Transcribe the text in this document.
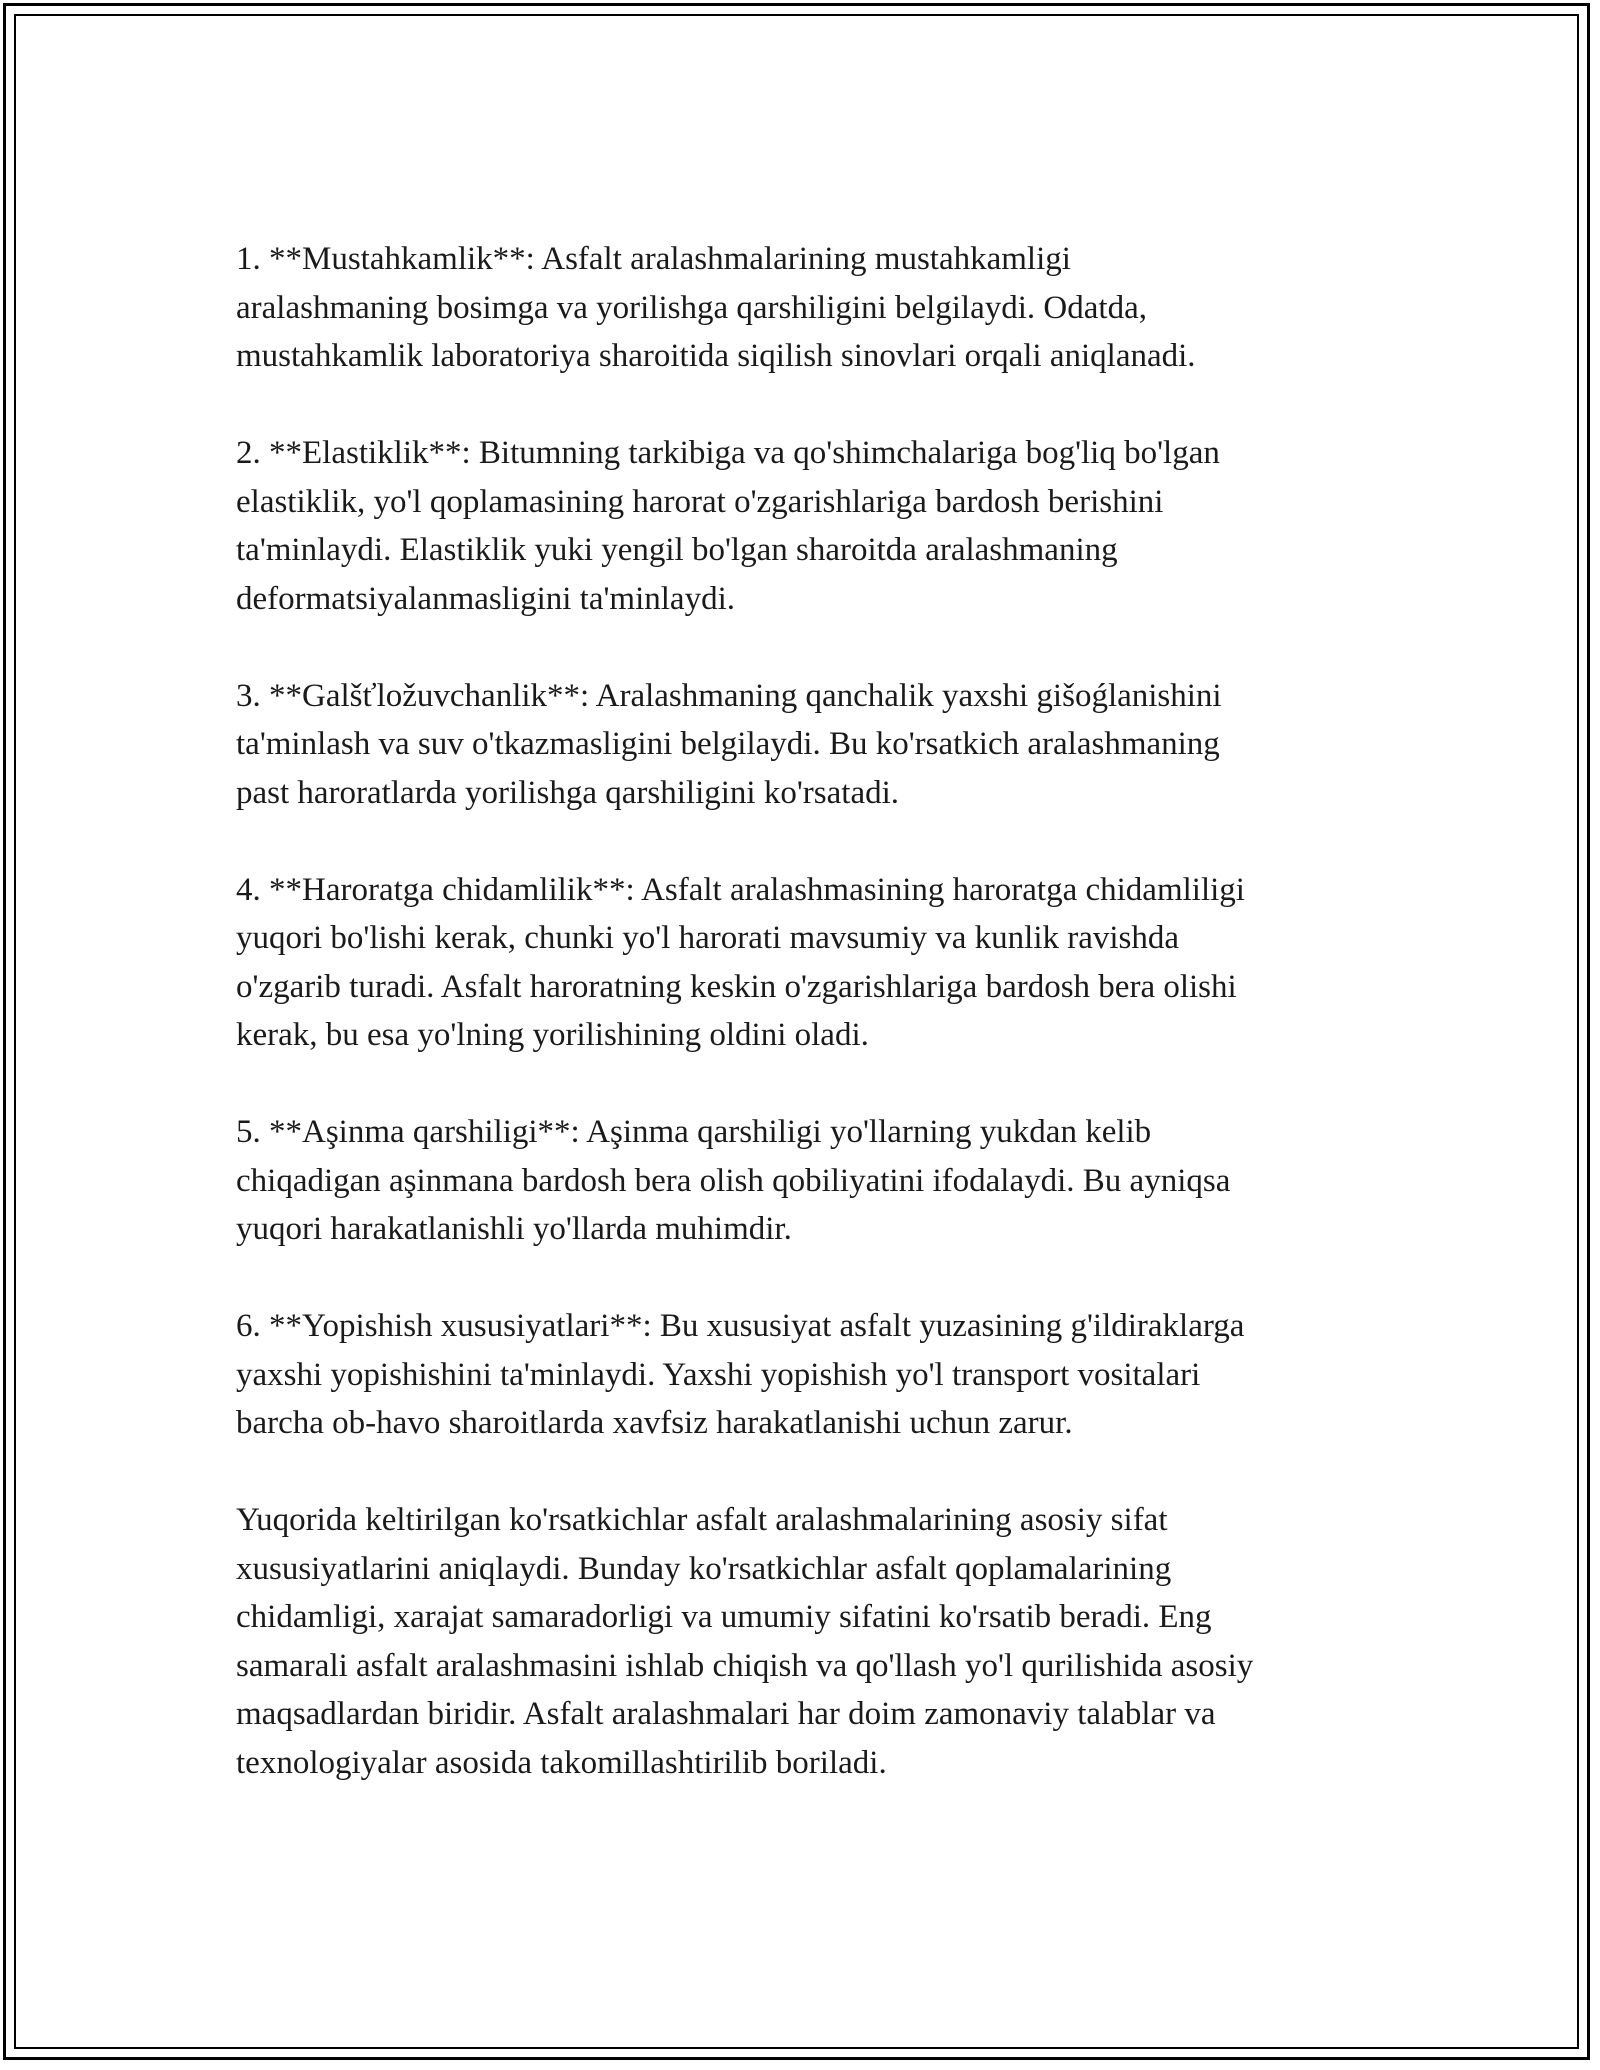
1. **Mustahkamlik**: Asfalt aralashmalarining mustahkamligi
aralashmaning bosimga va yorilishga qarshiligini belgilaydi. Odatda,
mustahkamlik laboratoriya sharoitida siqilish sinovlari orqali aniqlanadi.

2. **Elastiklik**: Bitumning tarkibiga va qo'shimchalariga bog'liq bo'lgan
elastiklik, yo'l qoplamasining harorat o'zgarishlariga bardosh berishini
ta'minlaydi. Elastiklik yuki yengil bo'lgan sharoitda aralashmaning
deformatsiyalanmasligini ta'minlaydi.

3. **Galšťložuvchanlik**: Aralashmaning qanchalik yaxshi gišoǵlanishini
ta'minlash va suv o'tkazmasligini belgilaydi. Bu ko'rsatkich aralashmaning
past haroratlarda yorilishga qarshiligini ko'rsatadi.

4. **Haroratga chidamlilik**: Asfalt aralashmasining haroratga chidamliligi
yuqori bo'lishi kerak, chunki yo'l harorati mavsumiy va kunlik ravishda
o'zgarib turadi. Asfalt haroratning keskin o'zgarishlariga bardosh bera olishi
kerak, bu esa yo'lning yorilishining oldini oladi.

5. **Aşinma qarshiligi**: Aşinma qarshiligi yo'llarning yukdan kelib
chiqadigan aşinmana bardosh bera olish qobiliyatini ifodalaydi. Bu ayniqsa
yuqori harakatlanishli yo'llarda muhimdir.

6. **Yopishish xususiyatlari**: Bu xususiyat asfalt yuzasining g'ildiraklarga
yaxshi yopishishini ta'minlaydi. Yaxshi yopishish yo'l transport vositalari
barcha ob-havo sharoitlarda xavfsiz harakatlanishi uchun zarur.

Yuqorida keltirilgan ko'rsatkichlar asfalt aralashmalarining asosiy sifat
xususiyatlarini aniqlaydi. Bunday ko'rsatkichlar asfalt qoplamalarining
chidamligi, xarajat samaradorligi va umumiy sifatini ko'rsatib beradi. Eng
samarali asfalt aralashmasini ishlab chiqish va qo'llash yo'l qurilishida asosiy
maqsadlardan biridir. Asfalt aralashmalari har doim zamonaviy talablar va
texnologiyalar asosida takomillashtirilib boriladi.
